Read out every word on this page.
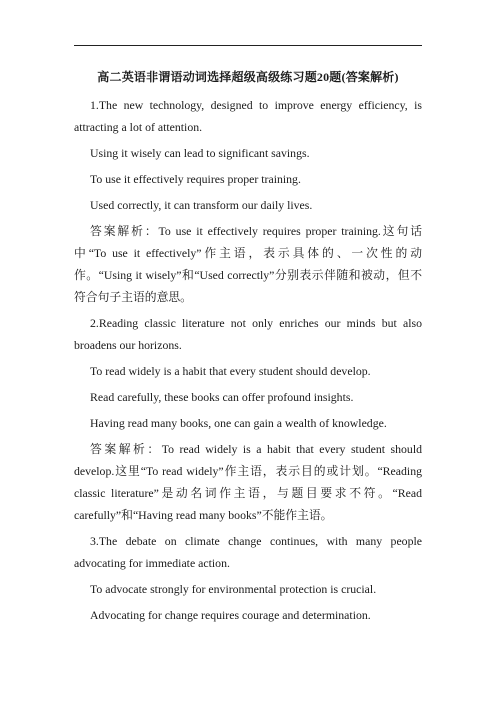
高二英语非谓语动词选择超级高级练习题20题(答案解析)

1.The new technology, designed to improve energy efficiency, is attracting a lot of attention.

Using it wisely can lead to significant savings.

To use it effectively requires proper training.

Used correctly, it can transform our daily lives.

答案解析：To use it effectively requires proper training.这句话中“To use it effectively”作主语，表示具体的、一次性的动作。“Using it wisely”和“Used correctly”分别表示伴随和被动，但不符合句子主语的意思。

2.Reading classic literature not only enriches our minds but also broadens our horizons.

To read widely is a habit that every student should develop.

Read carefully, these books can offer profound insights.

Having read many books, one can gain a wealth of knowledge.

答案解析：To read widely is a habit that every student should develop.这里“To read widely”作主语，表示目的或计划。“Reading classic literature”是动名词作主语，与题目要求不符。“Read carefully”和“Having read many books”不能作主语。

3.The debate on climate change continues, with many people advocating for immediate action.

To advocate strongly for environmental protection is crucial.

Advocating for change requires courage and determination.
